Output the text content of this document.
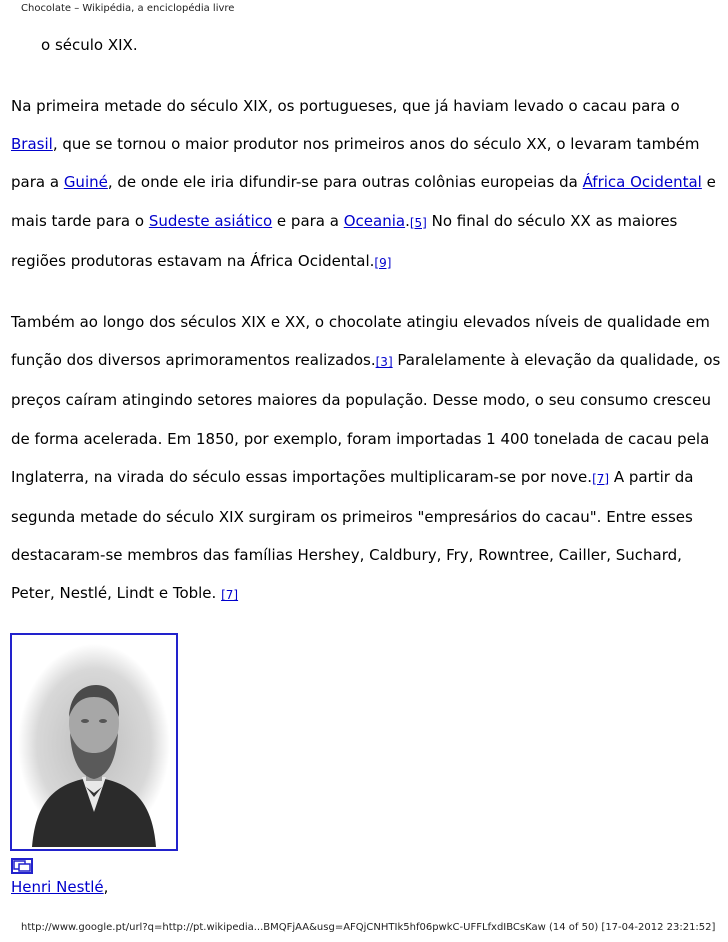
Chocolate – Wikipédia, a enciclopédia livre
o século XIX.

Na primeira metade do século XIX, os portugueses, que já haviam levado o cacau para o Brasil, que se tornou o maior produtor nos primeiros anos do século XX, o levaram também para a Guiné, de onde ele iria difundir-se para outras colônias europeias da África Ocidental e mais tarde para o Sudeste asiático e para a Oceania.[5] No final do século XX as maiores regiões produtoras estavam na África Ocidental.[9]

Também ao longo dos séculos XIX e XX, o chocolate atingiu elevados níveis de qualidade em função dos diversos aprimoramentos realizados.[3] Paralelamente à elevação da qualidade, os preços caíram atingindo setores maiores da população. Desse modo, o seu consumo cresceu de forma acelerada. Em 1850, por exemplo, foram importadas 1 400 tonelada de cacau pela Inglaterra, na virada do século essas importações multiplicaram-se por nove.[7] A partir da segunda metade do século XIX surgiram os primeiros "empresários do cacau". Entre esses destacaram-se membros das famílias Hershey, Caldbury, Fry, Rowntree, Cailler, Suchard, Peter, Nestlé, Lindt e Toble. [7]

Henri Nestlé,
http://www.google.pt/url?q=http://pt.wikipedia...BMQFjAA&usg=AFQjCNHTIk5hf06pwkC-UFFLfxdIBCsKaw (14 of 50) [17-04-2012 23:21:52]
